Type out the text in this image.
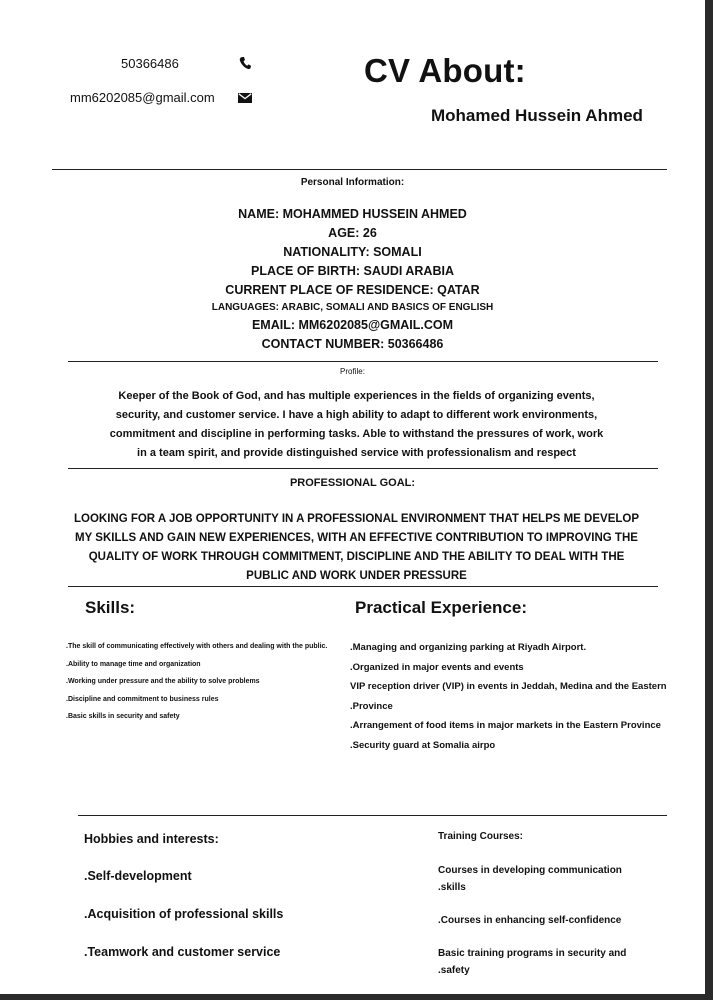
50366486
mm6202085@gmail.com
CV About:
Mohamed Hussein Ahmed
Personal Information:
NAME: MOHAMMED HUSSEIN AHMED
AGE: 26
NATIONALITY: SOMALI
PLACE OF BIRTH: SAUDI ARABIA
CURRENT PLACE OF RESIDENCE: QATAR
LANGUAGES: ARABIC, SOMALI AND BASICS OF ENGLISH
EMAIL: MM6202085@GMAIL.COM
CONTACT NUMBER: 50366486
Profile:
Keeper of the Book of God, and has multiple experiences in the fields of organizing events,
security, and customer service. I have a high ability to adapt to different work environments,
commitment and discipline in performing tasks. Able to withstand the pressures of work, work
in a team spirit, and provide distinguished service with professionalism and respect
PROFESSIONAL GOAL:
LOOKING FOR A JOB OPPORTUNITY IN A PROFESSIONAL ENVIRONMENT THAT HELPS ME DEVELOP
MY SKILLS AND GAIN NEW EXPERIENCES, WITH AN EFFECTIVE CONTRIBUTION TO IMPROVING THE
QUALITY OF WORK THROUGH COMMITMENT, DISCIPLINE AND THE ABILITY TO DEAL WITH THE
PUBLIC AND WORK UNDER PRESSURE
Skills:
.The skill of communicating effectively with others and dealing with the public.
.Ability to manage time and organization
.Working under pressure and the ability to solve problems
.Discipline and commitment to business rules
.Basic skills in security and safety
Practical Experience:
.Managing and organizing parking at Riyadh Airport.
.Organized in major events and events
VIP reception driver (VIP) in events in Jeddah, Medina and the Eastern
.Province
.Arrangement of food items in major markets in the Eastern Province
.Security guard at Somalia airpo
Hobbies and interests:
.Self-development
.Acquisition of professional skills
.Teamwork and customer service
Training Courses:
Courses in developing communication
.skills
.Courses in enhancing self-confidence
Basic training programs in security and
.safety
